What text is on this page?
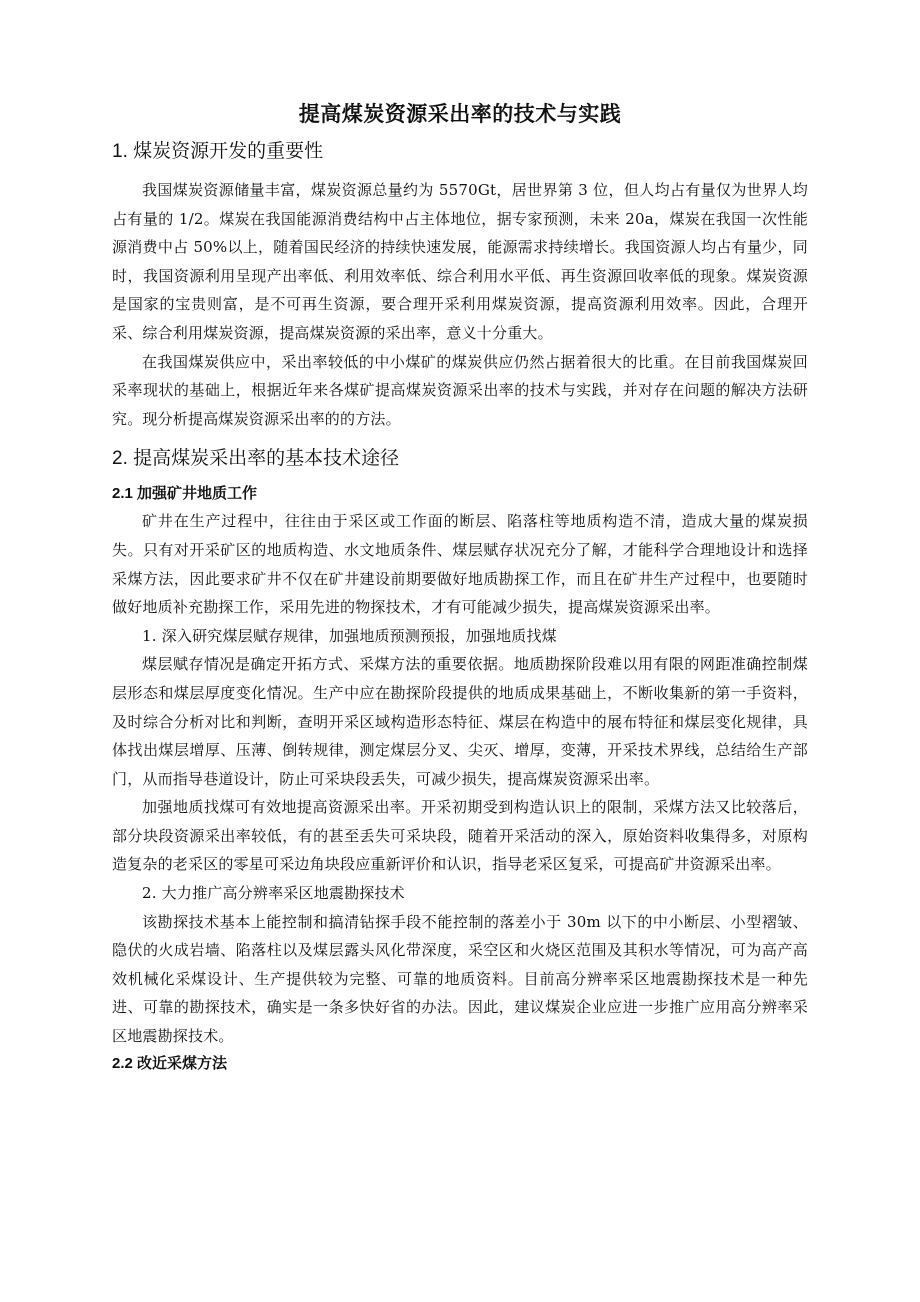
提高煤炭资源采出率的技术与实践
1. 煤炭资源开发的重要性

我国煤炭资源储量丰富，煤炭资源总量约为 5570Gt，居世界第 3 位，但人均占有量仅为世界人均占有量的 1/2。煤炭在我国能源消费结构中占主体地位，据专家预测，未来 20a，煤炭在我国一次性能源消费中占 50%以上，随着国民经济的持续快速发展，能源需求持续增长。我国资源人均占有量少，同时，我国资源利用呈现产出率低、利用效率低、综合利用水平低、再生资源回收率低的现象。煤炭资源是国家的宝贵则富，是不可再生资源，要合理开采利用煤炭资源，提高资源利用效率。因此，合理开采、综合利用煤炭资源，提高煤炭资源的采出率，意义十分重大。

在我国煤炭供应中，采出率较低的中小煤矿的煤炭供应仍然占据着很大的比重。在目前我国煤炭回采率现状的基础上，根据近年来各煤矿提高煤炭资源采出率的技术与实践，并对存在问题的解决方法研究。现分析提高煤炭资源采出率的的方法。

2. 提高煤炭采出率的基本技术途径
2.1 加强矿井地质工作

矿井在生产过程中，往往由于采区或工作面的断层、陷落柱等地质构造不清，造成大量的煤炭损失。只有对开采矿区的地质构造、水文地质条件、煤层赋存状况充分了解，才能科学合理地设计和选择采煤方法，因此要求矿井不仅在矿井建设前期要做好地质勘探工作，而且在矿井生产过程中，也要随时做好地质补充勘探工作，采用先进的物探技术，才有可能减少损失，提高煤炭资源采出率。

1. 深入研究煤层赋存规律，加强地质预测预报，加强地质找煤

煤层赋存情况是确定开拓方式、采煤方法的重要依据。地质勘探阶段难以用有限的网距准确控制煤层形态和煤层厚度变化情况。生产中应在勘探阶段提供的地质成果基础上，不断收集新的第一手资料，及时综合分析对比和判断，查明开采区域构造形态特征、煤层在构造中的展布特征和煤层变化规律，具体找出煤层增厚、压薄、倒转规律，测定煤层分叉、尖灭、增厚，变薄，开采技术界线，总结给生产部门，从而指导巷道设计，防止可采块段丢失，可减少损失，提高煤炭资源采出率。

加强地质找煤可有效地提高资源采出率。开采初期受到构造认识上的限制，采煤方法又比较落后，部分块段资源采出率较低，有的甚至丢失可采块段，随着开采活动的深入，原始资料收集得多，对原构造复杂的老采区的零星可采边角块段应重新评价和认识，指导老采区复采，可提高矿井资源采出率。

2. 大力推广高分辨率采区地震勘探技术

该勘探技术基本上能控制和搞清钻探手段不能控制的落差小于 30m 以下的中小断层、小型褶皱、隐伏的火成岩墙、陷落柱以及煤层露头风化带深度，采空区和火烧区范围及其积水等情况，可为高产高效机械化采煤设计、生产提供较为完整、可靠的地质资料。目前高分辨率采区地震勘探技术是一种先进、可靠的勘探技术，确实是一条多快好省的办法。因此，建议煤炭企业应进一步推广应用高分辨率采区地震勘探技术。

2.2 改近采煤方法
